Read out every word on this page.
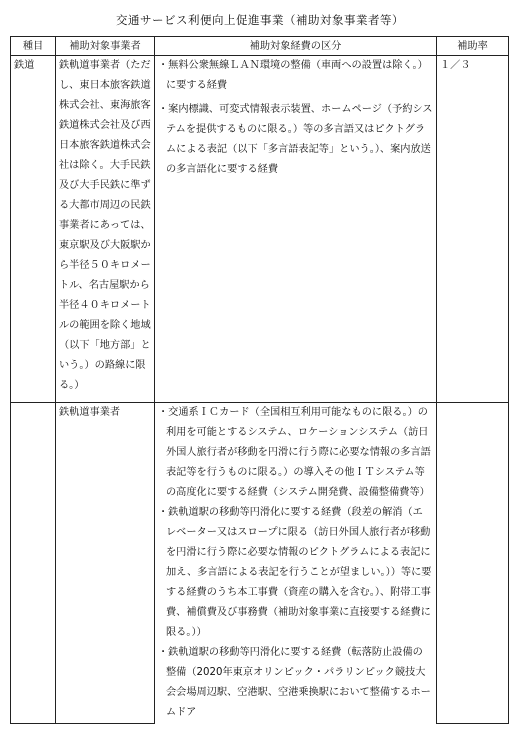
交通サービス利便向上促進事業（補助対象事業者等）
種目	補助対象事業者	補助対象経費の区分	補助率
鉄道	鉄軌道事業者（ただし、東日本旅客鉄道株式会社、東海旅客鉄道株式会社及び西日本旅客鉄道株式会社は除く。大手民鉄及び大手民鉄に準ずる大都市周辺の民鉄事業者にあっては、東京駅及び大阪駅から半径５０キロメートル、名古屋駅から半径４０キロメートルの範囲を除く地域（以下「地方部」という。）の路線に限る。）	・無料公衆無線ＬＡＮ環境の整備（車両への設置は除く。）に要する経費

・案内標識、可変式情報表示装置、ホームページ（予約システムを提供するものに限る。）等の多言語又はピクトグラムによる表記（以下「多言語表記等」という。）、案内放送の多言語化に要する経費	１／３

	鉄軌道事業者	・交通系ＩＣカード（全国相互利用可能なものに限る。）の利用を可能とするシステム、ロケーションシステム（訪日外国人旅行者が移動を円滑に行う際に必要な情報の多言語表記等を行うものに限る。）の導入その他ＩＴシステム等の高度化に要する経費（システム開発費、設備整備費等）

・鉄軌道駅の移動等円滑化に要する経費（段差の解消（エレベーター又はスロープに限る（訪日外国人旅行者が移動を円滑に行う際に必要な情報のピクトグラムによる表記に加え、多言語による表記を行うことが望ましい。））等に要する経費のうち本工事費（資産の購入を含む。）、附帯工事費、補償費及び事務費（補助対象事業に直接要する経費に限る。））

・鉄軌道駅の移動等円滑化に要する経費（転落防止設備の整備（2020年東京オリンピック・パラリンピック競技大会会場周辺駅、空港駅、空港乗換駅において整備するホームドア	
